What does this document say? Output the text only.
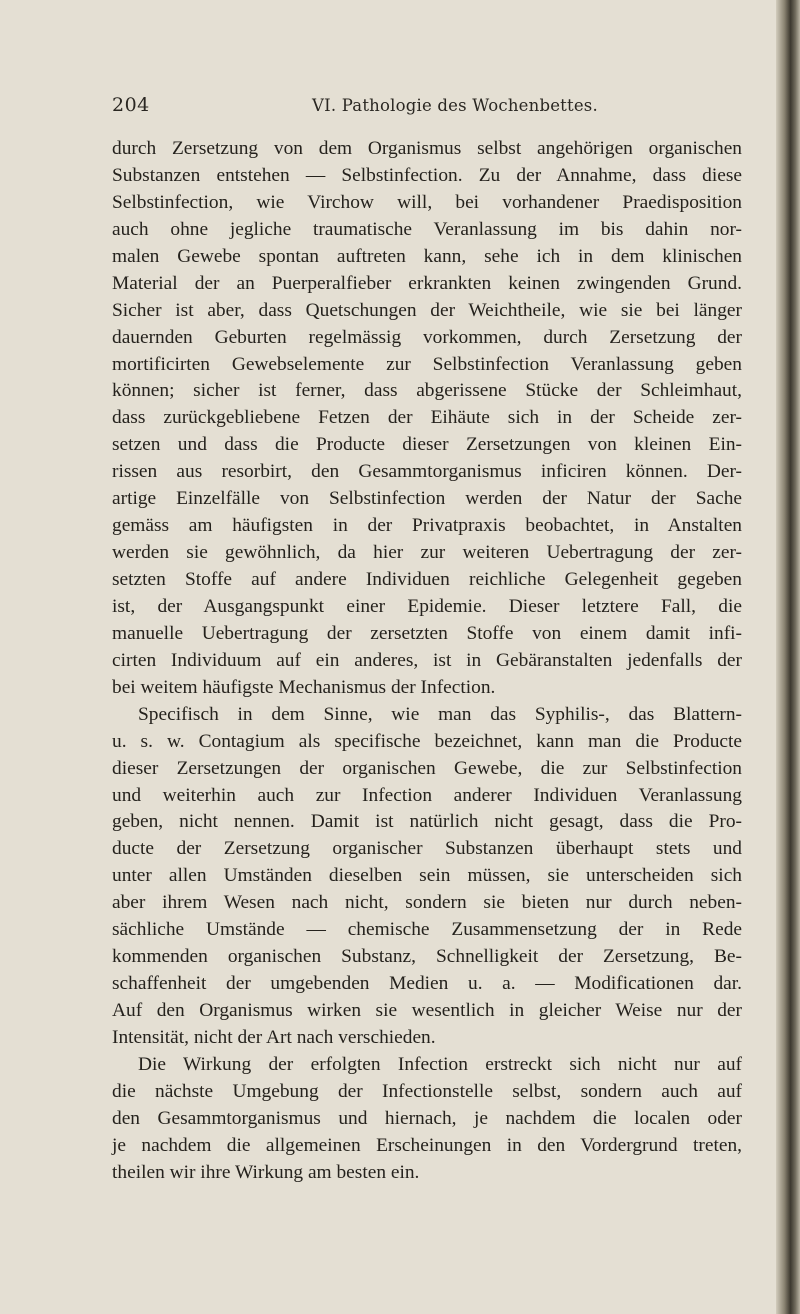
204	VI. Pathologie des Wochenbettes.
durch Zersetzung von dem Organismus selbst angehörigen organischen
Substanzen entstehen — Selbstinfection. Zu der Annahme, dass diese
Selbstinfection, wie Virchow will, bei vorhandener Praedisposition
auch ohne jegliche traumatische Veranlassung im bis dahin nor-
malen Gewebe spontan auftreten kann, sehe ich in dem klinischen
Material der an Puerperalfieber erkrankten keinen zwingenden Grund.
Sicher ist aber, dass Quetschungen der Weichtheile, wie sie bei länger
dauernden Geburten regelmässig vorkommen, durch Zersetzung der
mortificirten Gewebselemente zur Selbstinfection Veranlassung geben
können; sicher ist ferner, dass abgerissene Stücke der Schleimhaut,
dass zurückgebliebene Fetzen der Eihäute sich in der Scheide zer-
setzen und dass die Producte dieser Zersetzungen von kleinen Ein-
rissen aus resorbirt, den Gesammtorganismus inficiren können. Der-
artige Einzelfälle von Selbstinfection werden der Natur der Sache
gemäss am häufigsten in der Privatpraxis beobachtet, in Anstalten
werden sie gewöhnlich, da hier zur weiteren Uebertragung der zer-
setzten Stoffe auf andere Individuen reichliche Gelegenheit gegeben
ist, der Ausgangspunkt einer Epidemie. Dieser letztere Fall, die
manuelle Uebertragung der zersetzten Stoffe von einem damit infi-
cirten Individuum auf ein anderes, ist in Gebäranstalten jedenfalls der
bei weitem häufigste Mechanismus der Infection.
Specifisch in dem Sinne, wie man das Syphilis-, das Blattern-
u. s. w. Contagium als specifische bezeichnet, kann man die Producte
dieser Zersetzungen der organischen Gewebe, die zur Selbstinfection
und weiterhin auch zur Infection anderer Individuen Veranlassung
geben, nicht nennen. Damit ist natürlich nicht gesagt, dass die Pro-
ducte der Zersetzung organischer Substanzen überhaupt stets und
unter allen Umständen dieselben sein müssen, sie unterscheiden sich
aber ihrem Wesen nach nicht, sondern sie bieten nur durch neben-
sächliche Umstände — chemische Zusammensetzung der in Rede
kommenden organischen Substanz, Schnelligkeit der Zersetzung, Be-
schaffenheit der umgebenden Medien u. a. — Modificationen dar.
Auf den Organismus wirken sie wesentlich in gleicher Weise nur der
Intensität, nicht der Art nach verschieden.
Die Wirkung der erfolgten Infection erstreckt sich nicht nur auf
die nächste Umgebung der Infectionstelle selbst, sondern auch auf
den Gesammtorganismus und hiernach, je nachdem die localen oder
je nachdem die allgemeinen Erscheinungen in den Vordergrund treten,
theilen wir ihre Wirkung am besten ein.
